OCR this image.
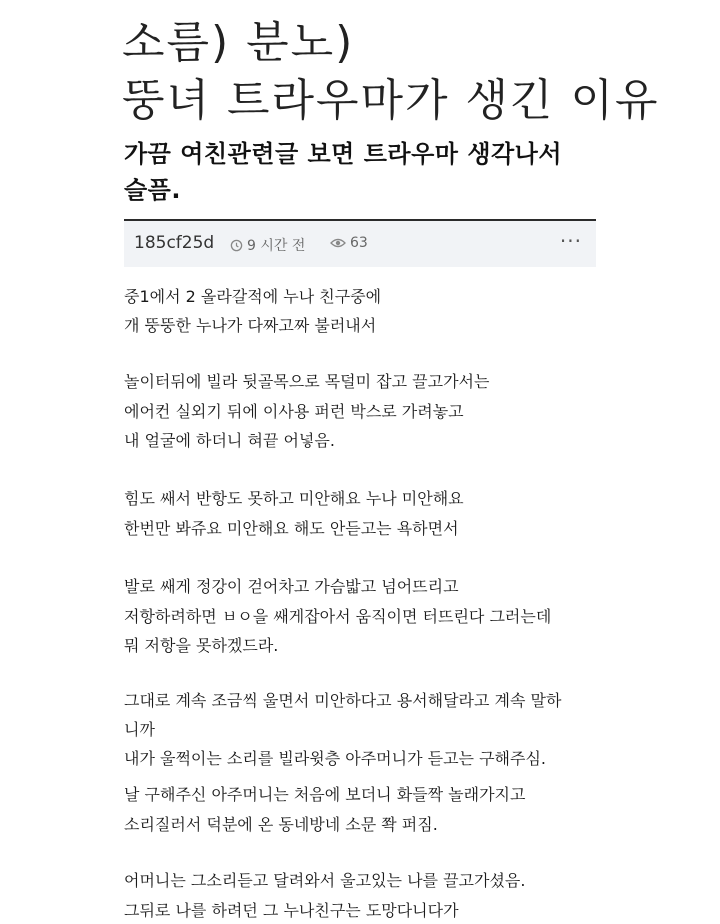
소름) 분노)
뚱녀 트라우마가 생긴 이유
가끔 여친관련글 보면 트라우마 생각나서 슬픔.
185cf25d 9 시간 전	63	···
중1에서 2 올라갈적에 누나 친구중에
개 뚱뚱한 누나가 다짜고짜 불러내서
놀이터뒤에 빌라 뒷골목으로 목덜미 잡고 끌고가서는
에어컨 실외기 뒤에 이사용 퍼런 박스로 가려놓고
내 얼굴에 하더니 혀끝 어넣음.
힘도 쌔서 반항도 못하고 미안해요 누나 미안해요
한번만 봐쥬요 미안해요 해도 안듣고는 욕하면서
발로 쌔게 정강이 걷어차고 가슴밟고 넘어뜨리고
저항하려하면 ㅂㅇ을 쌔게잡아서 움직이면 터뜨린다 그러는데
뭐 저항을 못하겠드라.
그대로 계속 조금씩 울면서 미안하다고 용서해달라고 계속 말하
니까
내가 울쩍이는 소리를 빌라윗층 아주머니가 듣고는 구해주심.
날 구해주신 아주머니는 처음에 보더니 화들짝 놀래가지고
소리질러서 덕분에 온 동네방네 소문 쫙 퍼짐.
어머니는 그소리듣고 달려와서 울고있는 나를 끌고가셨음.
그뒤로 나를 하려던 그 누나친구는 도망다니다가
